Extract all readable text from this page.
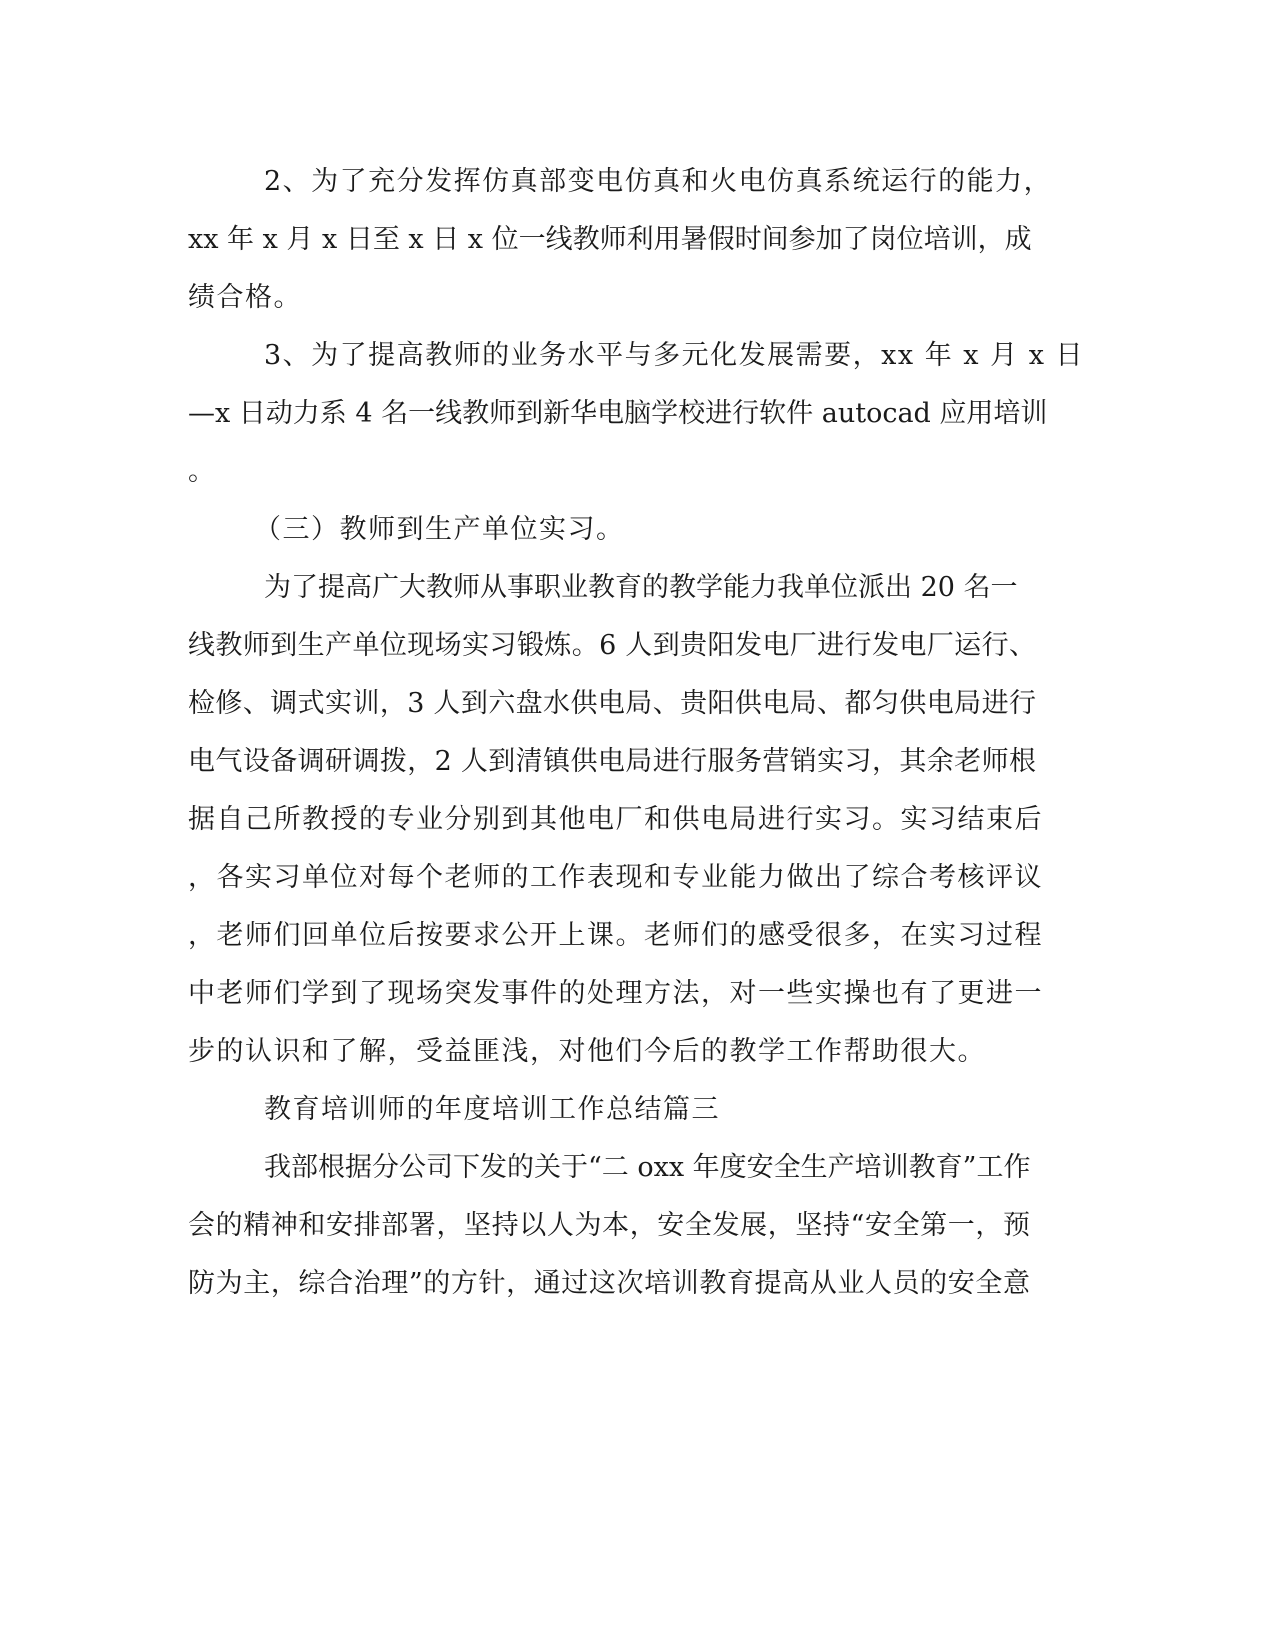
2、为了充分发挥仿真部变电仿真和火电仿真系统运行的能力，
xx 年 x 月 x 日至 x 日 x 位一线教师利用暑假时间参加了岗位培训，成
绩合格。
3、为了提高教师的业务水平与多元化发展需要，xx 年 x 月 x 日
—x 日动力系 4 名一线教师到新华电脑学校进行软件 autocad 应用培训
。
（三）教师到生产单位实习。
为了提高广大教师从事职业教育的教学能力我单位派出 20 名一
线教师到生产单位现场实习锻炼。6 人到贵阳发电厂进行发电厂运行、
检修、调式实训，3 人到六盘水供电局、贵阳供电局、都匀供电局进行
电气设备调研调拨，2 人到清镇供电局进行服务营销实习，其余老师根
据自己所教授的专业分别到其他电厂和供电局进行实习。实习结束后
，各实习单位对每个老师的工作表现和专业能力做出了综合考核评议
，老师们回单位后按要求公开上课。老师们的感受很多，在实习过程
中老师们学到了现场突发事件的处理方法，对一些实操也有了更进一
步的认识和了解，受益匪浅，对他们今后的教学工作帮助很大。
教育培训师的年度培训工作总结篇三
我部根据分公司下发的关于“二 oxx 年度安全生产培训教育”工作
会的精神和安排部署，坚持以人为本，安全发展，坚持“安全第一，预
防为主，综合治理”的方针，通过这次培训教育提高从业人员的安全意
